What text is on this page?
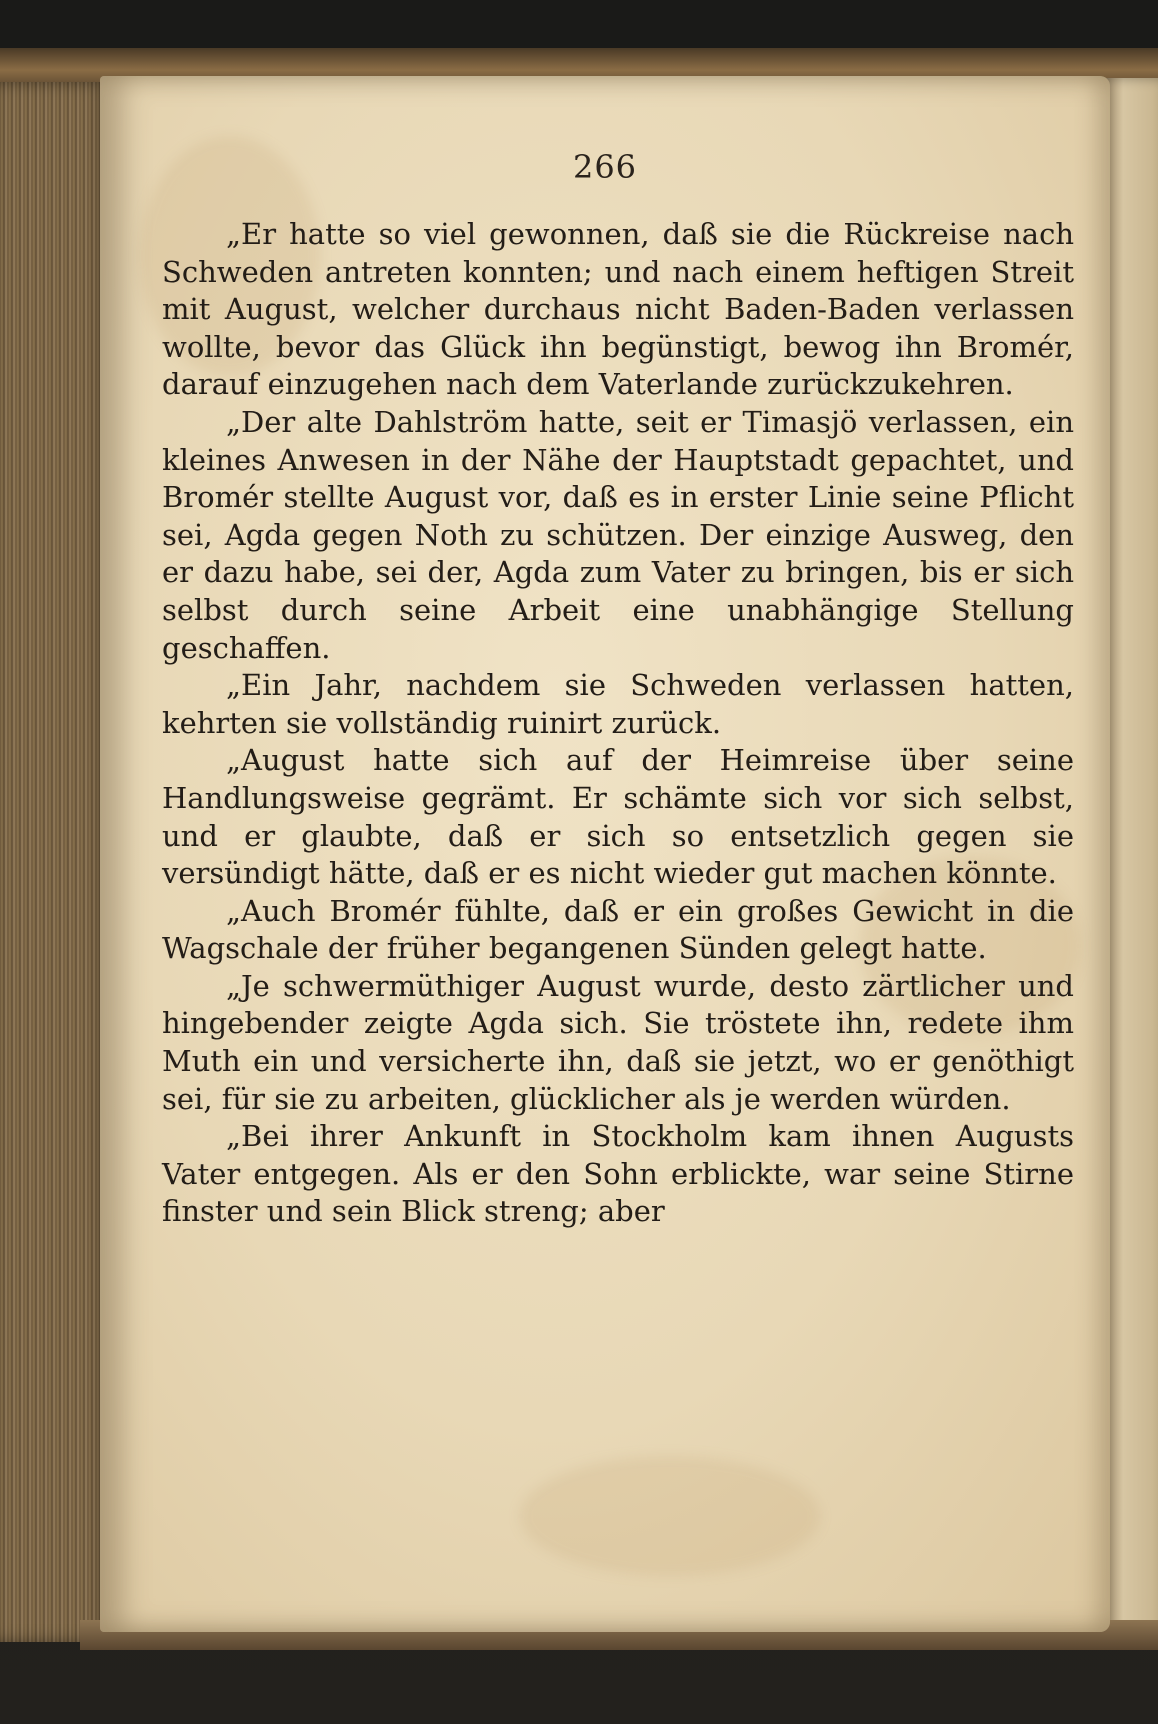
266

„Er hatte so viel gewonnen, daß sie die Rückreise nach Schweden antreten konnten; und nach einem heftigen Streit mit August, welcher durchaus nicht Baden-Baden verlassen wollte, bevor das Glück ihn begünstigt, bewog ihn Bromér, darauf einzugehen nach dem Vaterlande zurückzukehren.

„Der alte Dahlström hatte, seit er Timasjö verlassen, ein kleines Anwesen in der Nähe der Hauptstadt gepachtet, und Bromér stellte August vor, daß es in erster Linie seine Pflicht sei, Agda gegen Noth zu schützen. Der einzige Ausweg, den er dazu habe, sei der, Agda zum Vater zu bringen, bis er sich selbst durch seine Arbeit eine unabhängige Stellung geschaffen.

„Ein Jahr, nachdem sie Schweden verlassen hatten, kehrten sie vollständig ruinirt zurück.

„August hatte sich auf der Heimreise über seine Handlungsweise gegrämt. Er schämte sich vor sich selbst, und er glaubte, daß er sich so entsetzlich gegen sie versündigt hätte, daß er es nicht wieder gut machen könnte.

„Auch Bromér fühlte, daß er ein großes Gewicht in die Wagschale der früher begangenen Sünden gelegt hatte.

„Je schwermüthiger August wurde, desto zärtlicher und hingebender zeigte Agda sich. Sie tröstete ihn, redete ihm Muth ein und versicherte ihn, daß sie jetzt, wo er genöthigt sei, für sie zu arbeiten, glücklicher als je werden würden.

„Bei ihrer Ankunft in Stockholm kam ihnen Augusts Vater entgegen. Als er den Sohn erblickte, war seine Stirne finster und sein Blick streng; aber
